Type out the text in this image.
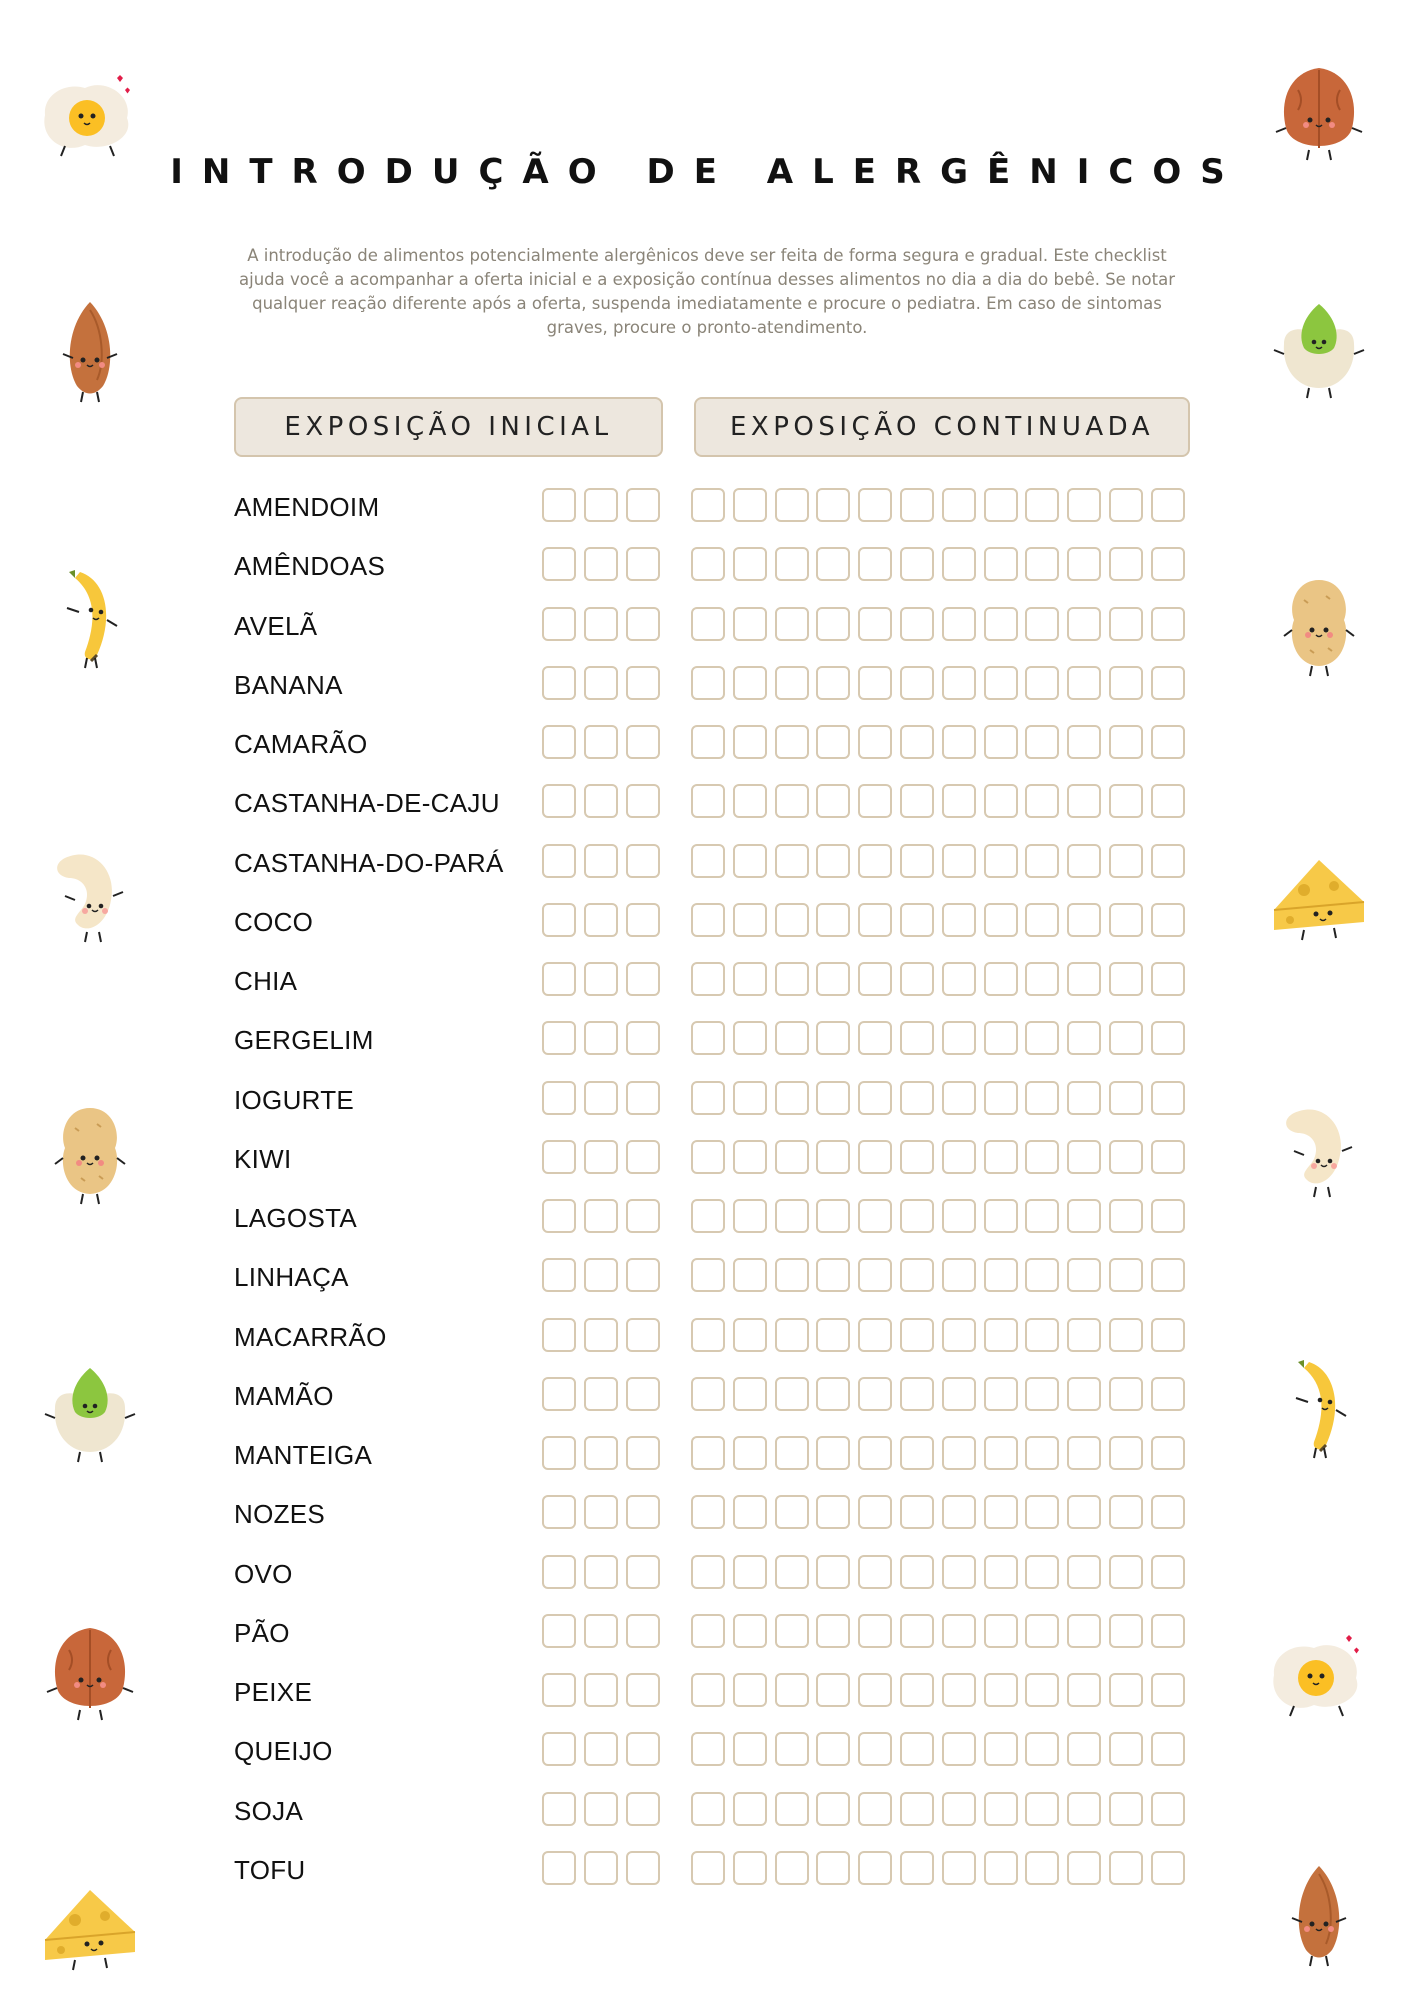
INTRODUÇÃO DE ALERGÊNICOS

A introdução de alimentos potencialmente alergênicos deve ser feita de forma segura e gradual. Este checklist ajuda você a acompanhar a oferta inicial e a exposição contínua desses alimentos no dia a dia do bebê. Se notar qualquer reação diferente após a oferta, suspenda imediatamente e procure o pediatra. Em caso de sintomas graves, procure o pronto-atendimento.

EXPOSIÇÃO INICIAL	EXPOSIÇÃO CONTINUADA
AMENDOIM
AMÊNDOAS
AVELÃ
BANANA
CAMARÃO
CASTANHA-DE-CAJU
CASTANHA-DO-PARÁ
COCO
CHIA
GERGELIM
IOGURTE
KIWI
LAGOSTA
LINHAÇA
MACARRÃO
MAMÃO
MANTEIGA
NOZES
OVO
PÃO
PEIXE
QUEIJO
SOJA
TOFU
